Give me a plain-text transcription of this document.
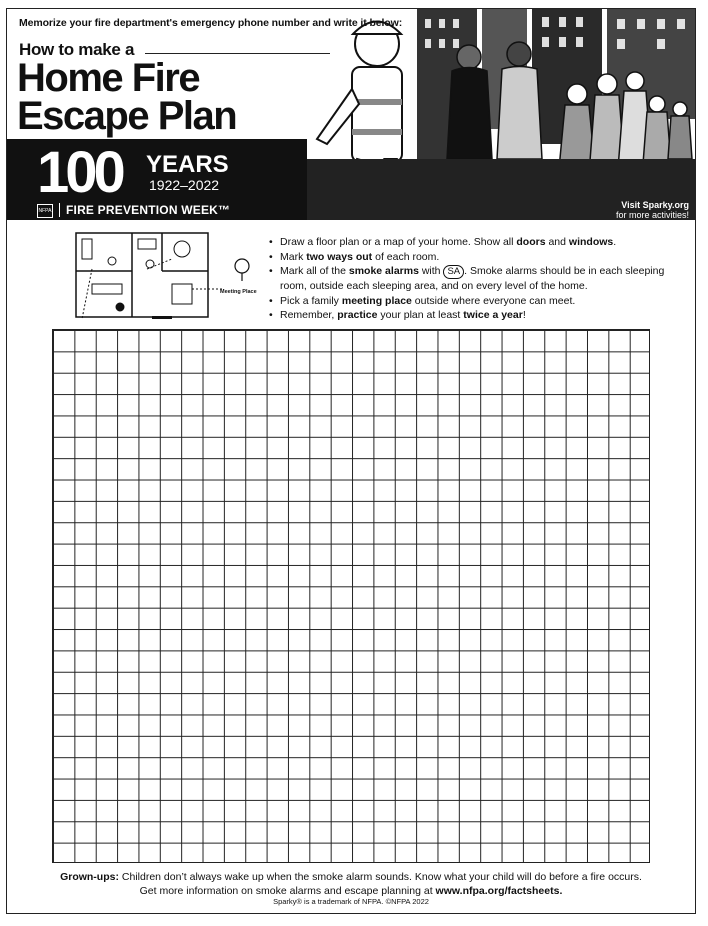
Memorize your fire department's emergency phone number and write it below:
How to make a
Home Fire
Escape Plan
100 YEARS
1922–2022
NFPA	FIRE PREVENTION WEEK™	Visit Sparky.org
for more activities!
Meeting Place
• Draw a floor plan or a map of your home. Show all doors and windows.
• Mark two ways out of each room.
• Mark all of the smoke alarms with SA . Smoke alarms should be in each sleeping room, outside each sleeping area, and on every level of the home.
• Pick a family meeting place outside where everyone can meet.
• Remember, practice your plan at least twice a year!
Grown-ups: Children don’t always wake up when the smoke alarm sounds. Know what your child will do before a fire occurs.
Get more information on smoke alarms and escape planning at www.nfpa.org/factsheets.
Sparky® is a trademark of NFPA. ©NFPA 2022
